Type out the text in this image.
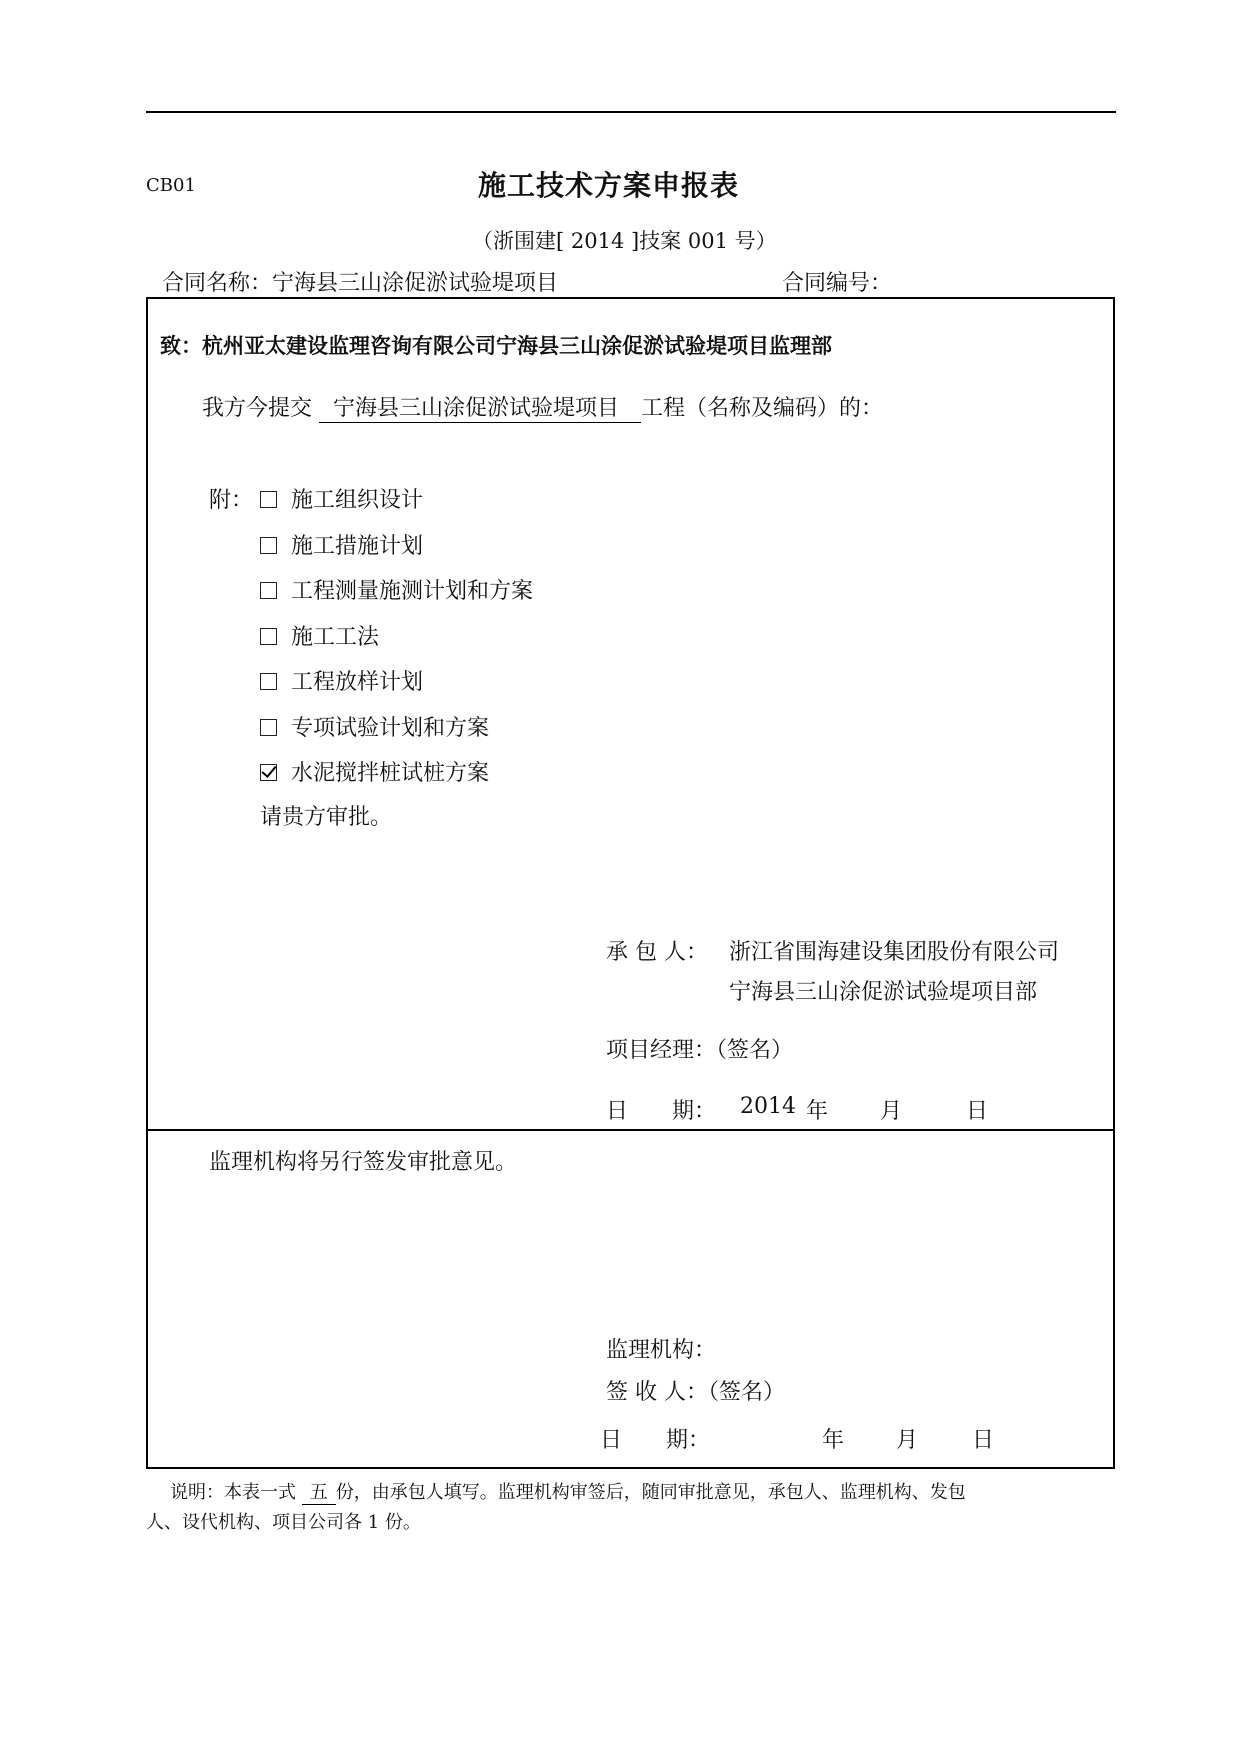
CB01	施工技术方案申报表
（浙围建[ 2014 ]技案 001 号）
合同名称：宁海县三山涂促淤试验堤项目	合同编号：
致：杭州亚太建设监理咨询有限公司宁海县三山涂促淤试验堤项目监理部
我方今提交 宁海县三山涂促淤试验堤项目 工程（名称及编码）的：
附：	施工组织设计
施工措施计划
工程测量施测计划和方案
施工工法
工程放样计划
专项试验计划和方案
水泥搅拌桩试桩方案
请贵方审批。
承 包 人： 浙江省围海建设集团股份有限公司
宁海县三山涂促淤试验堤项目部
项目经理：（签名）
日　　期： 2014 年 月	日
监理机构将另行签发审批意见。
监理机构：
签 收 人：（签名）
日　　期：	年 月 日
说明：本表一式 五 份，由承包人填写。监理机构审签后，随同审批意见，承包人、监理机构、发包
人、设代机构、项目公司各 1 份。
